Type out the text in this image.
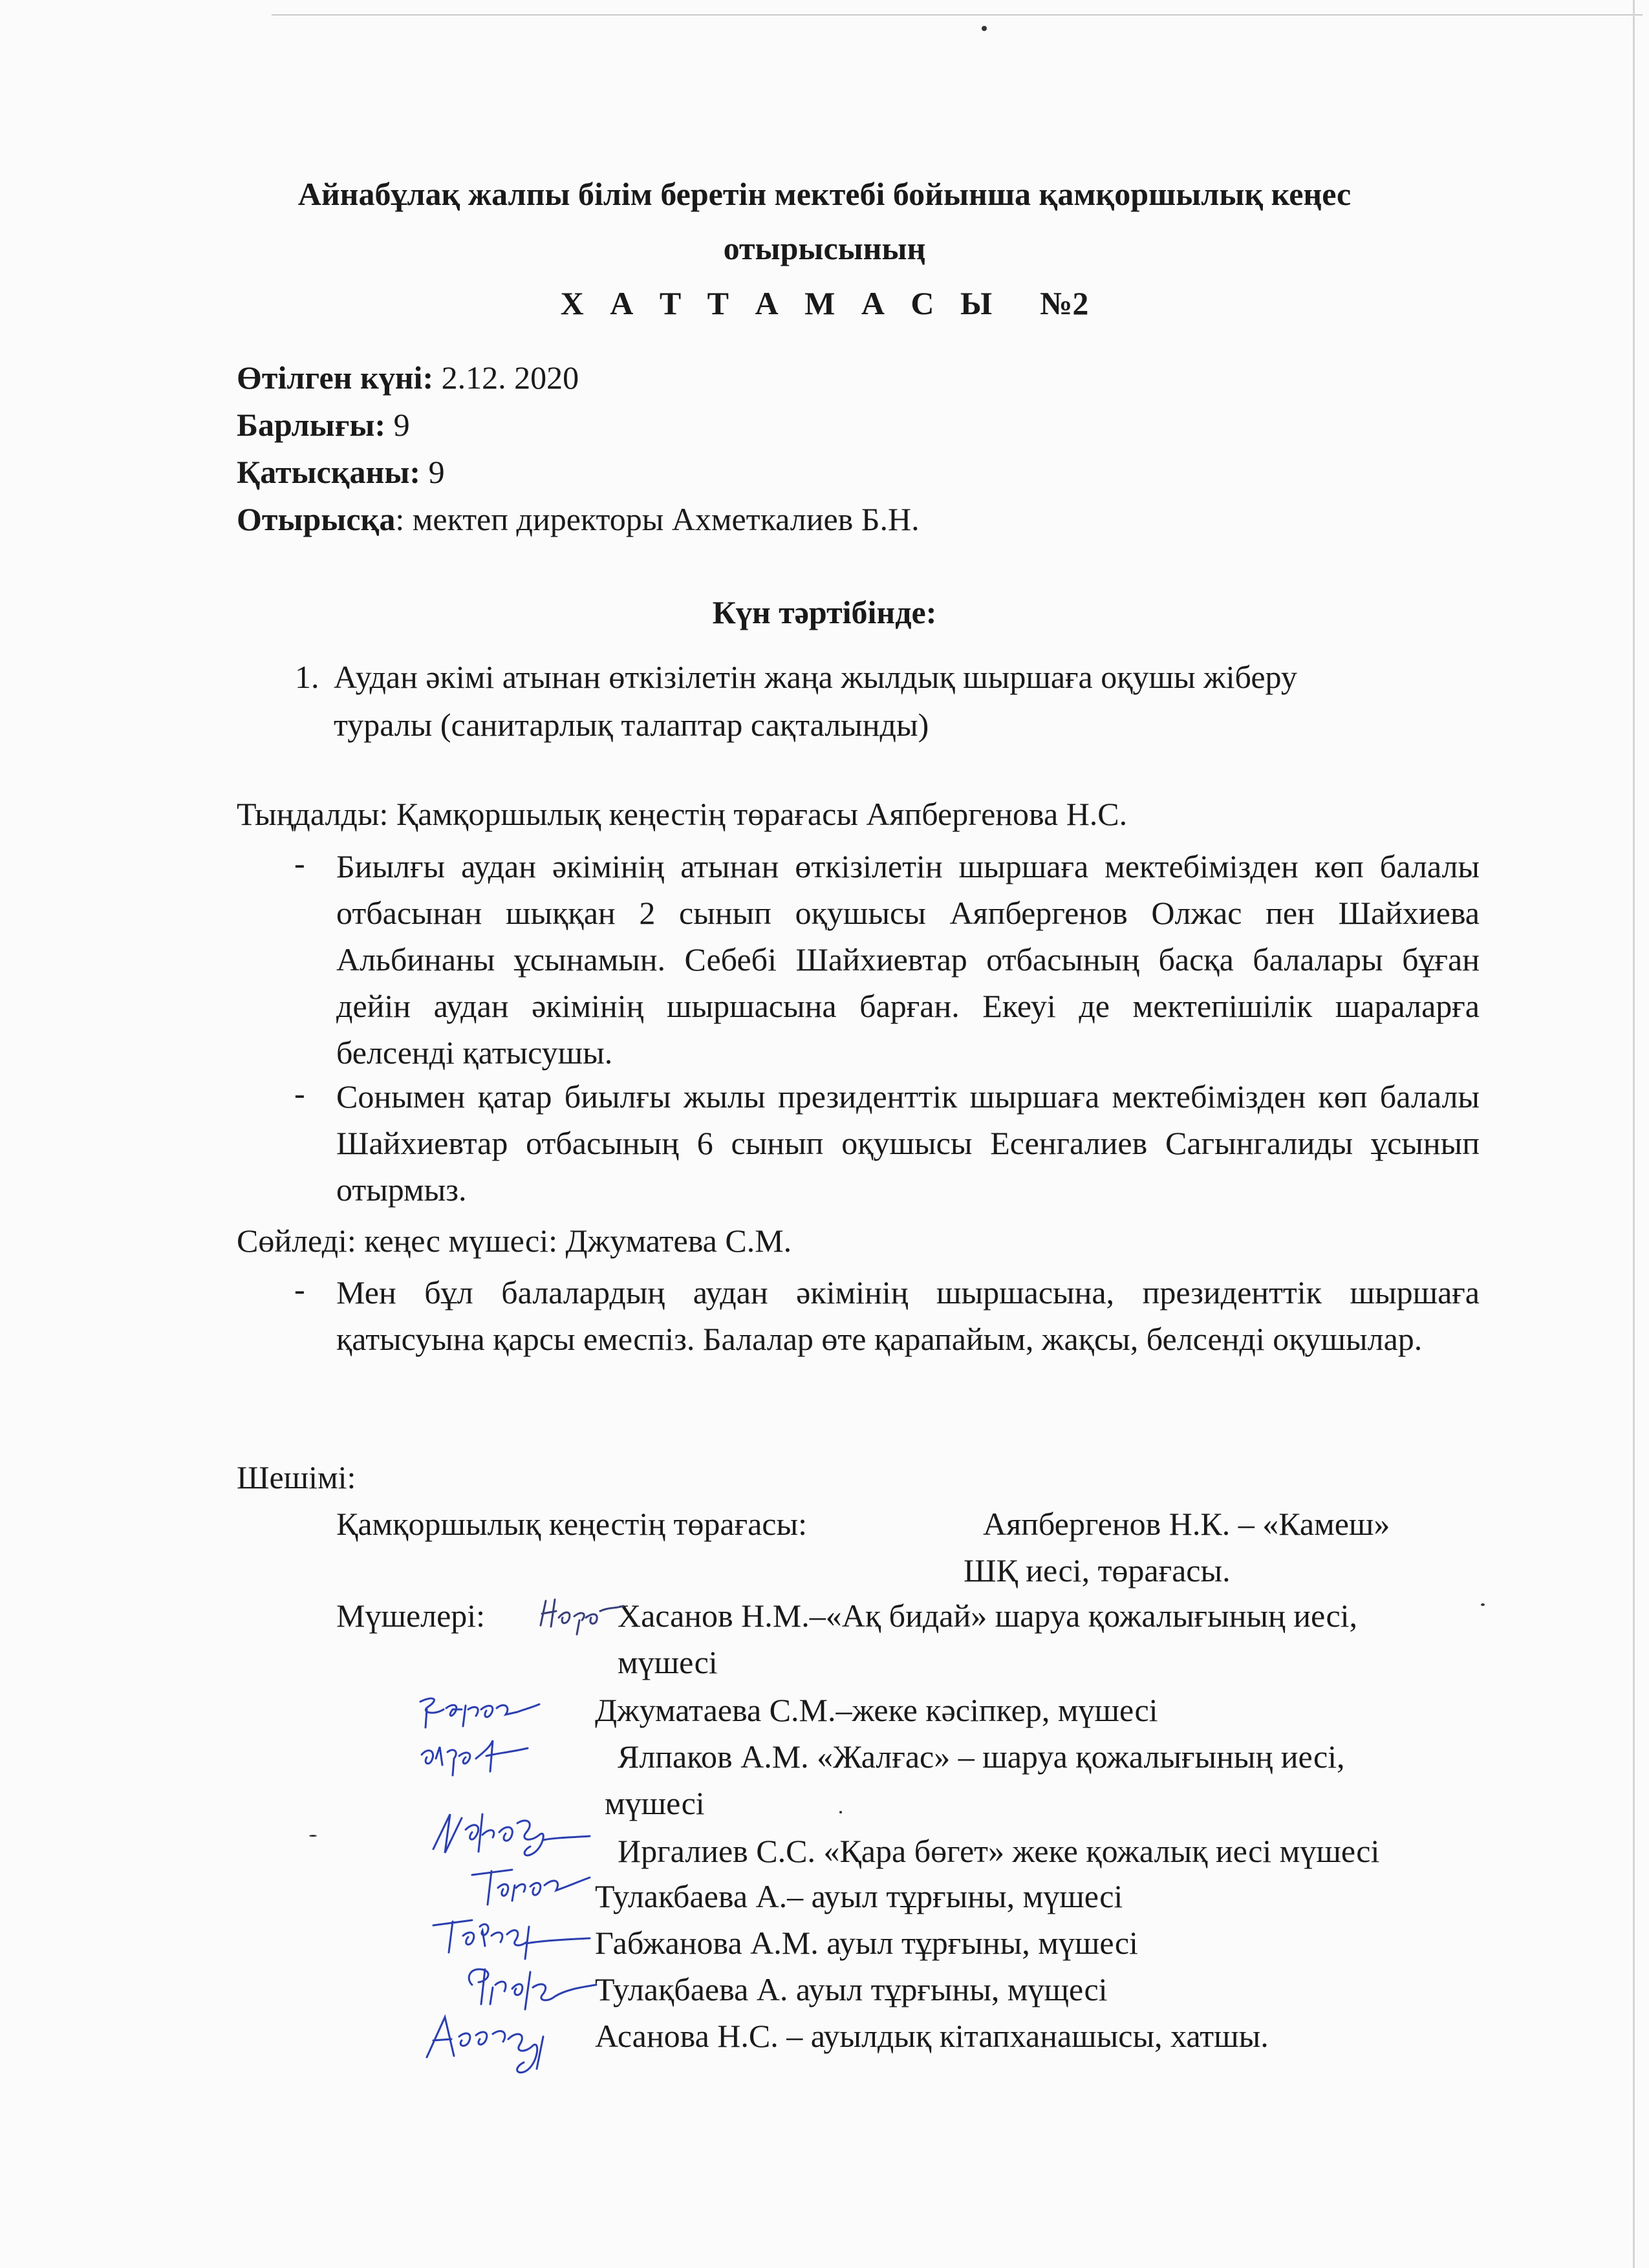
Айнабұлақ жалпы білім беретін мектебі бойынша қамқоршылық кеңес
отырысының
Х А Т Т А М А С Ы №2
Өтілген күні: 2.12. 2020
Барлығы: 9
Қатысқаны: 9
Отырысқа: мектеп директоры Ахметкалиев Б.Н.
Күн тәртібінде:
1. Аудан әкімі атынан өткізілетін жаңа жылдық шыршаға оқушы жіберу
туралы (санитарлық талаптар сақталынды)
Тыңдалды: Қамқоршылық кеңестің төрағасы Аяпбергенова Н.С.
- Биылғы аудан әкімінің атынан өткізілетін шыршаға мектебімізден көп балалы отбасынан шыққан 2 сынып оқушысы Аяпбергенов Олжас пен Шайхиева Альбинаны ұсынамын. Себебі Шайхиевтар отбасының басқа балалары бұған дейін аудан әкімінің шыршасына барған. Екеуі де мектепішілік шараларға белсенді қатысушы.
- Сонымен қатар биылғы жылы президенттік шыршаға мектебімізден көп балалы Шайхиевтар отбасының 6 сынып оқушысы Есенгалиев Сагынгалиды ұсынып отырмыз.
Сөйледі: кеңес мүшесі: Джуматева С.М.
- Мен бұл балалардың аудан әкімінің шыршасына, президенттік шыршаға қатысуына қарсы емеспіз. Балалар өте қарапайым, жақсы, белсенді оқушылар.
Шешімі:
Қамқоршылық кеңестің төрағасы:	Аяпбергенов Н.К. – «Камеш»
ШҚ иесі, төрағасы.
Мүшелері:	Хасанов Н.М.–«Ақ бидай» шаруа қожалығының иесі,
мүшесі
Джуматаева С.М.–жеке кәсіпкер, мүшесі
Ялпаков А.М. «Жалғас» – шаруа қожалығының иесі,
мүшесі
Иргалиев С.С. «Қара бөгет» жеке қожалық иесі мүшесі
Тулакбаева А.– ауыл тұрғыны, мүшесі
Габжанова А.М. ауыл тұрғыны, мүшесі
Тулақбаева А. ауыл тұрғыны, мүщесі
Асанова Н.С. – ауылдық кітапханашысы, хатшы.
